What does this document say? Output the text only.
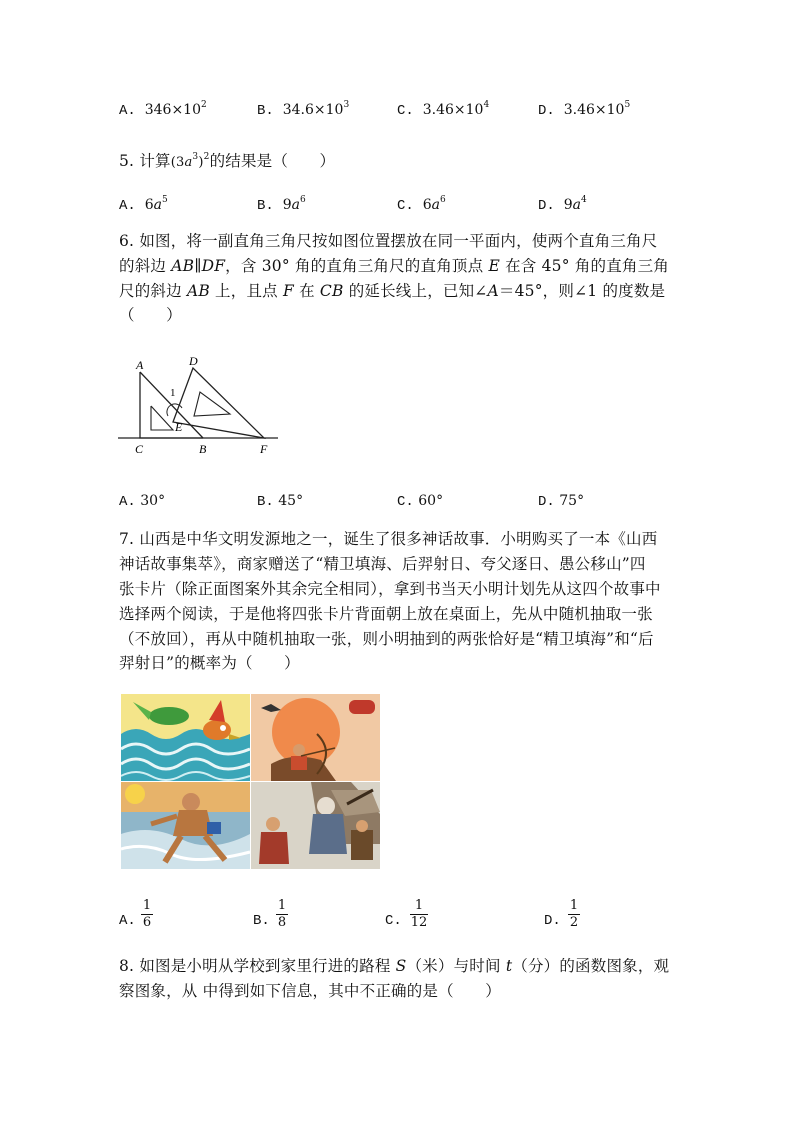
A. $346\times 10^2$	B. $34.6\times 10^3$	C. $3.46\times 10^4$	D. $3.46\times 10^5$
5. 计算$(3a^3)^2$的结果是（　　）
A. $6a^5$	B. $9a^6$	C. $6a^6$	D. $9a^4$
6. 如图，将一副直角三角尺按如图位置摆放在同一平面内，使两个直角三角尺
的斜边 AB∥DF，含 30° 角的直角三角尺的直角顶点 E 在含 45° 角的直角三角
尺的斜边 AB 上，且点 F 在 CB 的延长线上，已知∠A＝45°，则∠1 的度数是
（　　）
A	D
1
E
C	B	F
A. 30°	B. 45°	C. 60°	D. 75°
7. 山西是中华文明发源地之一，诞生了很多神话故事．小明购买了一本《山西
神话故事集萃》，商家赠送了“精卫填海、后羿射日、夸父逐日、愚公移山”四
张卡片（除正面图案外其余完全相同），拿到书当天小明计划先从这四个故事中
选择两个阅读，于是他将四张卡片背面朝上放在桌面上，先从中随机抽取一张
（不放回），再从中随机抽取一张，则小明抽到的两张恰好是“精卫填海”和“后
羿射日”的概率为（　　）
A.
1
6	B.
1
8	C.
1
12	D.
1
2
8. 如图是小明从学校到家里行进的路程 S（米）与时间 t（分）的函数图象，观
察图象，从 中得到如下信息，其中不正确的是（　　）
